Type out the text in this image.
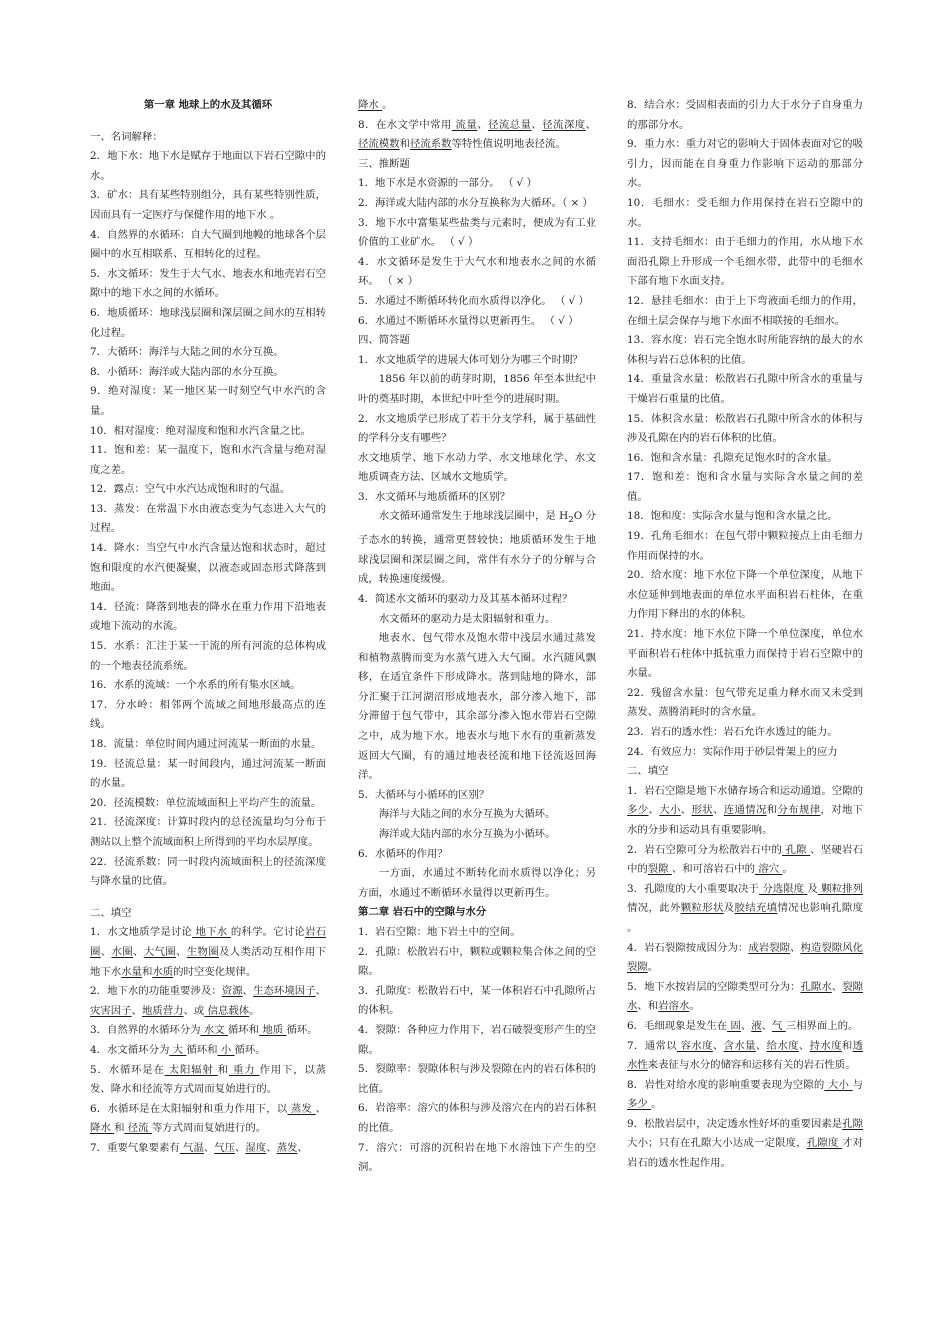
第一章 地球上的水及其循环
一、名词解释：
2．地下水：地下水是赋存于地面以下岩石空隙中的水。
3．矿水：具有某些特别组分，具有某些特别性质，因而具有一定医疗与保健作用的地下水 。
4．自然界的水循环：自大气圈到地幔的地球各个层圈中的水互相联系、互相转化的过程。
5．水文循环：发生于大气水、地表水和地壳岩石空隙中的地下水之间的水循环。
6．地质循环：地球浅层圈和深层圈之间水的互相转化过程。
7．大循环：海洋与大陆之间的水分互换。
8．小循环：海洋或大陆内部的水分互换。
9．绝对湿度：某一地区某一时刻空气中水汽的含量。
10．相对湿度：绝对湿度和饱和水汽含量之比。
11．饱和差：某一温度下，饱和水汽含量与绝对湿度之差。
12．露点：空气中水汽达成饱和时的气温。
13．蒸发：在常温下水由液态变为气态进入大气的过程。
14．降水：当空气中水汽含量达饱和状态时，超过饱和限度的水汽便凝聚，以液态或固态形式降落到地面。
14．径流：降落到地表的降水在重力作用下沿地表或地下流动的水流。
15．水系：汇注于某一干流的所有河流的总体构成的一个地表径流系统。
16．水系的流域：一个水系的所有集水区域。
17．分水岭：相邻两个流域之间地形最高点的连线。
18．流量：单位时间内通过河流某一断面的水量。
19．径流总量：某一时间段内，通过河流某一断面的水量。
20．径流模数：单位流域面积上平均产生的流量。
21．径流深度：计算时段内的总径流量均匀分布于测站以上整个流域面积上所得到的平均水层厚度。
22．径流系数：同一时段内流域面积上的径流深度与降水量的比值。
二、填空
1．水文地质学是讨论 地下水 的科学。它讨论岩石圈、水圈、大气圈、生物圈及人类活动互相作用下地下水水量和水质的时空变化规律。
2．地下水的功能重要涉及：资源、生态环境因子、灾害因子、地质营力、或 信息载体。
3．自然界的水循环分为 水文 循环和 地质 循环。
4．水文循环分为 大 循环和 小 循环。
5．水循环是在 太阳辐射 和 重力 作用下，以蒸发、降水和径流等方式周而复始进行的。
6．水循环是在太阳辐射和重力作用下，以 蒸发 、 降水 和 径流 等方式周而复始进行的。
7．重要气象要素有 气温、气压、湿度、蒸发、
降水 。
8．在水文学中常用 流量、径流总量、径流深度、径流模数和径流系数等特性值说明地表径流。
三、推断题
1．地下水是水资源的一部分。 （ √ ）
2．海洋或大陆内部的水分互换称为大循环。（ × ）
3．地下水中富集某些盐类与元素时，便成为有工业价值的工业矿水。 （ √ ）
4．水文循环是发生于大气水和地表水之间的水循环。 （ × ）
5．水通过不断循环转化而水质得以净化。 （ √ ）
6．水通过不断循环水量得以更新再生。 （ √ ）
四、简答题
1．水文地质学的进展大体可划分为哪三个时期？
1856 年以前的萌芽时期，1856 年至本世纪中叶的奠基时期，本世纪中叶至今的进展时期。
2．水文地质学已形成了若干分支学科，属于基础性的学科分支有哪些？
水文地质学、地下水动力学、水文地球化学、水文地质调查方法、区域水文地质学。
3．水文循环与地质循环的区别？
水文循环通常发生于地球浅层圈中，是 $H_2O$ 分子态水的转换，通常更替较快；地质循环发生于地球浅层圈和深层圈之间，常伴有水分子的分解与合成，转换速度缓慢。
4．简述水文循环的驱动力及其基本循环过程？
水文循环的驱动力是太阳辐射和重力。
地表水、包气带水及饱水带中浅层水通过蒸发和植物蒸腾而变为水蒸气进入大气圈。水汽随风飘移，在适宜条件下形成降水。落到陆地的降水，部分汇聚于江河湖沼形成地表水，部分渗入地下，部分滞留于包气带中，其余部分渗入饱水带岩石空隙之中，成为地下水。地表水与地下水有的重新蒸发返回大气圈，有的通过地表径流和地下径流返回海洋。
5．大循环与小循环的区别？
海洋与大陆之间的水分互换为大循环。
海洋或大陆内部的水分互换为小循环。
6．水循环的作用？
一方面，水通过不断转化而水质得以净化；另方面，水通过不断循环水量得以更新再生。
第二章 岩石中的空隙与水分
1．岩石空隙：地下岩土中的空间。
2．孔隙：松散岩石中，颗粒或颗粒集合体之间的空隙。
3．孔隙度：松散岩石中，某一体积岩石中孔隙所占的体积。
4．裂隙：各种应力作用下，岩石破裂变形产生的空隙。
5．裂隙率：裂隙体积与涉及裂隙在内的岩石体积的比值。
6．岩溶率：溶穴的体积与涉及溶穴在内的岩石体积的比值。
7．溶穴：可溶的沉积岩在地下水溶蚀下产生的空洞。
8．结合水：受固相表面的引力大于水分子自身重力的那部分水。
9．重力水：重力对它的影响大于固体表面对它的吸引力，因而能在自身重力作影响下运动的那部分水。
10．毛细水：受毛细力作用保持在岩石空隙中的水。
11．支持毛细水：由于毛细力的作用，水从地下水面沿孔隙上升形成一个毛细水带，此带中的毛细水下部有地下水面支持。
12．悬挂毛细水：由于上下弯液面毛细力的作用，在细土层会保存与地下水面不相联接的毛细水。
13．容水度：岩石完全饱水时所能容纳的最大的水体积与岩石总体积的比值。
14．重量含水量：松散岩石孔隙中所含水的重量与干燥岩石重量的比值。
15．体积含水量：松散岩石孔隙中所含水的体积与涉及孔隙在内的岩石体积的比值。
16．饱和含水量：孔隙充足饱水时的含水量。
17．饱和差：饱和含水量与实际含水量之间的差值。
18．饱和度：实际含水量与饱和含水量之比。
19．孔角毛细水：在包气带中颗粒接点上由毛细力作用而保持的水。
20．给水度：地下水位下降一个单位深度，从地下水位延伸到地表面的单位水平面积岩石柱体，在重力作用下释出的水的体积。
21．持水度：地下水位下降一个单位深度，单位水平面积岩石柱体中抵抗重力而保持于岩石空隙中的水量。
22．残留含水量：包气带充足重力释水而又未受到蒸发、蒸腾消耗时的含水量。
23．岩石的透水性：岩石允许水透过的能力。
24．有效应力：实际作用于砂层骨架上的应力
二、填空
1．岩石空隙是地下水储存场合和运动通道。空隙的 多少、大小、形状、连通情况和分布规律，对地下水的分步和运动具有重要影响。
2．岩石空隙可分为松散岩石中的 孔隙 、坚硬岩石中的裂隙 、和可溶岩石中的 溶穴 。
3．孔隙度的大小重要取决于 分选限度 及 颗粒排列 情况，此外颗粒形状及胶结充填情况也影响孔隙度 。
4．岩石裂隙按成因分为：成岩裂隙、构造裂隙风化裂隙。
5．地下水按岩层的空隙类型可分为：孔隙水、裂隙水、和岩溶水。
6．毛细现象是发生在 固、液、气 三相界面上的。
7．通常以 容水度、含水量、给水度、持水度和透水性来表征与水分的储容和运移有关的岩石性质。
8．岩性对给水度的影响重要表现为空隙的 大小 与 多少 。
9．松散岩层中，决定透水性好坏的重要因素是孔隙 大小；只有在孔隙大小达成一定限度，孔隙度 才对岩石的透水性起作用。
